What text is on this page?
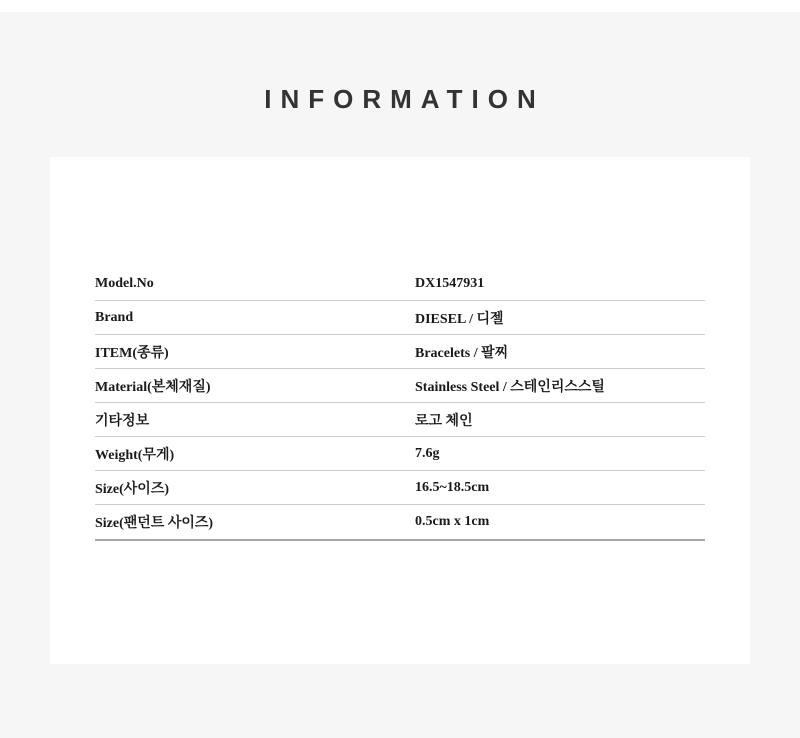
INFORMATION
Model.No	DX1547931
Brand	DIESEL / 디젤
ITEM(종류)	Bracelets / 팔찌
Material(본체재질)	Stainless Steel / 스테인리스스틸
기타정보	로고 체인
Weight(무게)	7.6g
Size(사이즈)	16.5~18.5cm
Size(팬던트 사이즈)	0.5cm x 1cm
